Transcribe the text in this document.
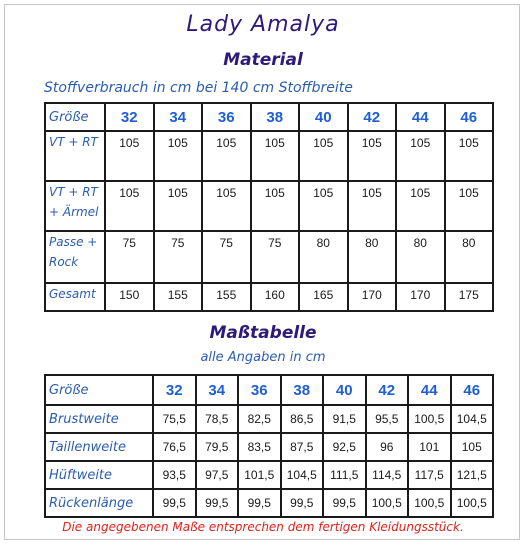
Lady Amalya
Material
Stoffverbrauch in cm bei 140 cm Stoffbreite
Größe	32	34	36	38	40	42	44	46
VT + RT	105	105	105	105	105	105	105	105
VT + RT + Ärmel	105	105	105	105	105	105	105	105
Passe + Rock	75	75	75	75	80	80	80	80
Gesamt	150	155	155	160	165	170	170	175
Maßtabelle
alle Angaben in cm
Größe	32	34	36	38	40	42	44	46
Brustweite	75,5	78,5	82,5	86,5	91,5	95,5	100,5	104,5
Taillenweite	76,5	79,5	83,5	87,5	92,5	96	101	105
Hüftweite	93,5	97,5	101,5	104,5	111,5	114,5	117,5	121,5
Rückenlänge	99,5	99,5	99,5	99,5	99,5	100,5	100,5	100,5
Die angegebenen Maße entsprechen dem fertigen Kleidungsstück.
